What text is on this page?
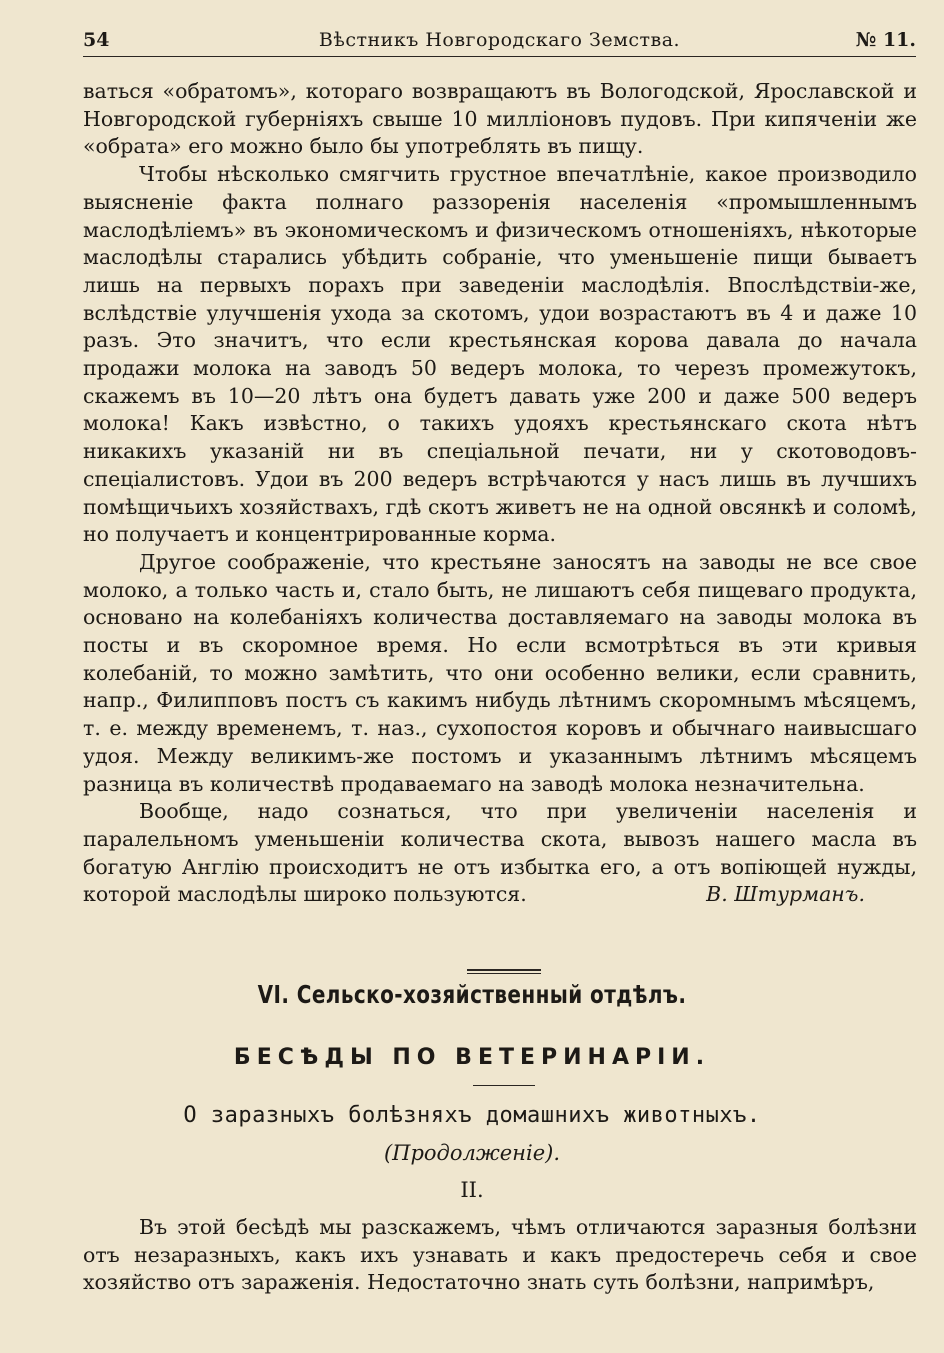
54	Вѣстникъ Новгородскаго Земства.	№ 11.

ваться «обратомъ», котораго возвращаютъ въ Вологодской, Ярославской и Новгородской губерніяхъ свыше 10 милліоновъ пудовъ. При кипяченіи же «обрата» его можно было бы употреблять въ пищу.

Чтобы нѣсколько смягчить грустное впечатлѣніе, какое производило выясненіе факта полнаго раззоренія населенія «промышленнымъ маслодѣліемъ» въ экономическомъ и физическомъ отношеніяхъ, нѣкоторые маслодѣлы старались убѣдить собраніе, что уменьшеніе пищи бываетъ лишь на первыхъ порахъ при заведеніи маслодѣлія. Впослѣдствіи-же, вслѣдствіе улучшенія ухода за скотомъ, удои возрастаютъ въ 4 и даже 10 разъ. Это значитъ, что если крестьянская корова давала до начала продажи молока на заводъ 50 ведеръ молока, то черезъ промежутокъ, скажемъ въ 10—20 лѣтъ она будетъ давать уже 200 и даже 500 ведеръ молока! Какъ извѣстно, о такихъ удояхъ крестьянскаго скота нѣтъ никакихъ указаній ни въ спеціальной печати, ни у скотоводовъ-спеціалистовъ. Удои въ 200 ведеръ встрѣчаются у насъ лишь въ лучшихъ помѣщичьихъ хозяйствахъ, гдѣ скотъ живетъ не на одной овсянкѣ и соломѣ, но получаетъ и концентрированные корма.

Другое соображеніе, что крестьяне заносятъ на заводы не все свое молоко, а только часть и, стало быть, не лишаютъ себя пищеваго продукта, основано на колебаніяхъ количества доставляемаго на заводы молока въ посты и въ скоромное время. Но если всмотрѣться въ эти кривыя колебаній, то можно замѣтить, что они особенно велики, если сравнить, напр., Филипповъ постъ съ какимъ нибудь лѣтнимъ скоромнымъ мѣсяцемъ, т. е. между временемъ, т. наз., сухопостоя коровъ и обычнаго наивысшаго удоя. Между великимъ-же постомъ и указаннымъ лѣтнимъ мѣсяцемъ разница въ количествѣ продаваемаго на заводѣ молока незначительна.

Вообще, надо сознаться, что при увеличеніи населенія и паралельномъ уменьшеніи количества скота, вывозъ нашего масла въ богатую Англію происходитъ не отъ избытка его, а отъ вопіющей нужды, которой маслодѣлы широко пользуются.	В. Штурманъ.

VI. Сельско-хозяйственный отдѣлъ.
БЕСѢДЫ ПО ВЕТЕРИНАРІИ.
О заразныхъ болѣзняхъ домашнихъ животныхъ.
(Продолженіе).
II.

Въ этой бесѣдѣ мы разскажемъ, чѣмъ отличаются заразныя болѣзни отъ незаразныхъ, какъ ихъ узнавать и какъ предостеречь себя и свое хозяйство отъ зараженія. Недостаточно знать суть болѣзни, напримѣръ,
